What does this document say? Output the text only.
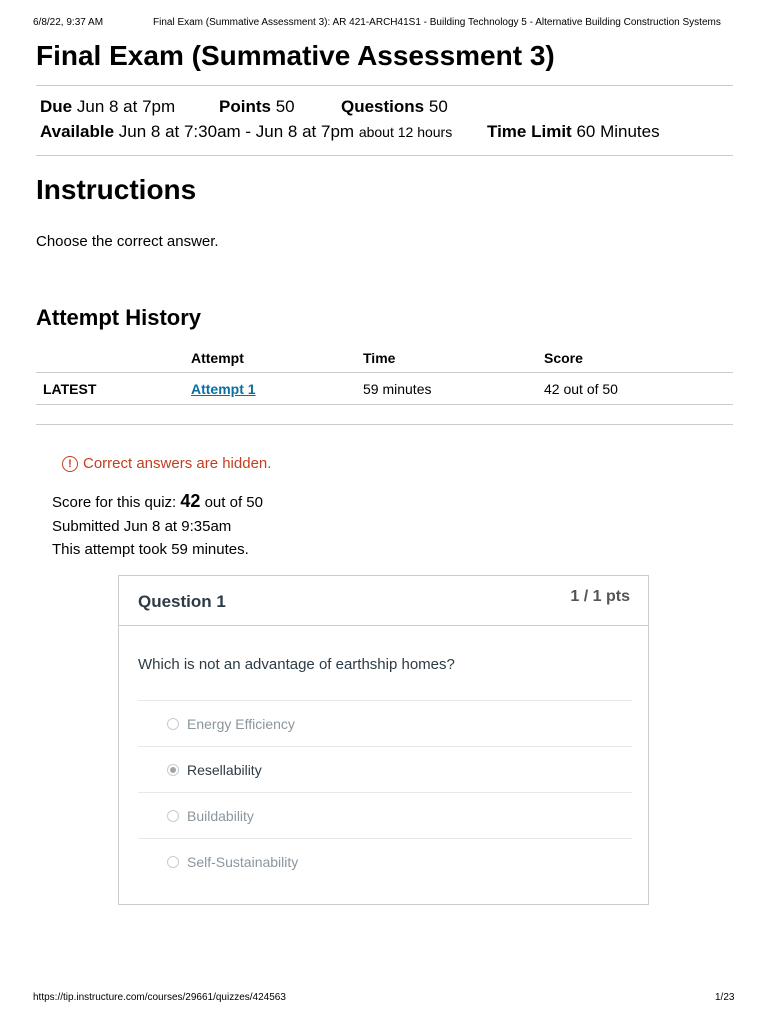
6/8/22, 9:37 AM	Final Exam (Summative Assessment 3): AR 421-ARCH41S1 - Building Technology 5 - Alternative Building Construction Systems
Final Exam (Summative Assessment 3)
Due Jun 8 at 7pm	Points 50	Questions 50
Available Jun 8 at 7:30am - Jun 8 at 7pm about 12 hours Time Limit 60 Minutes
Instructions
Choose the correct answer.
Attempt History
	Attempt	Time	Score
LATEST	Attempt 1	59 minutes	42 out of 50
! Correct answers are hidden.
Score for this quiz: 42 out of 50
Submitted Jun 8 at 9:35am
This attempt took 59 minutes.
Question 1	1 / 1 pts
Which is not an advantage of earthship homes?
Energy Efficiency
Resellability
Buildability
Self-Sustainability
https://tip.instructure.com/courses/29661/quizzes/424563	1/23
